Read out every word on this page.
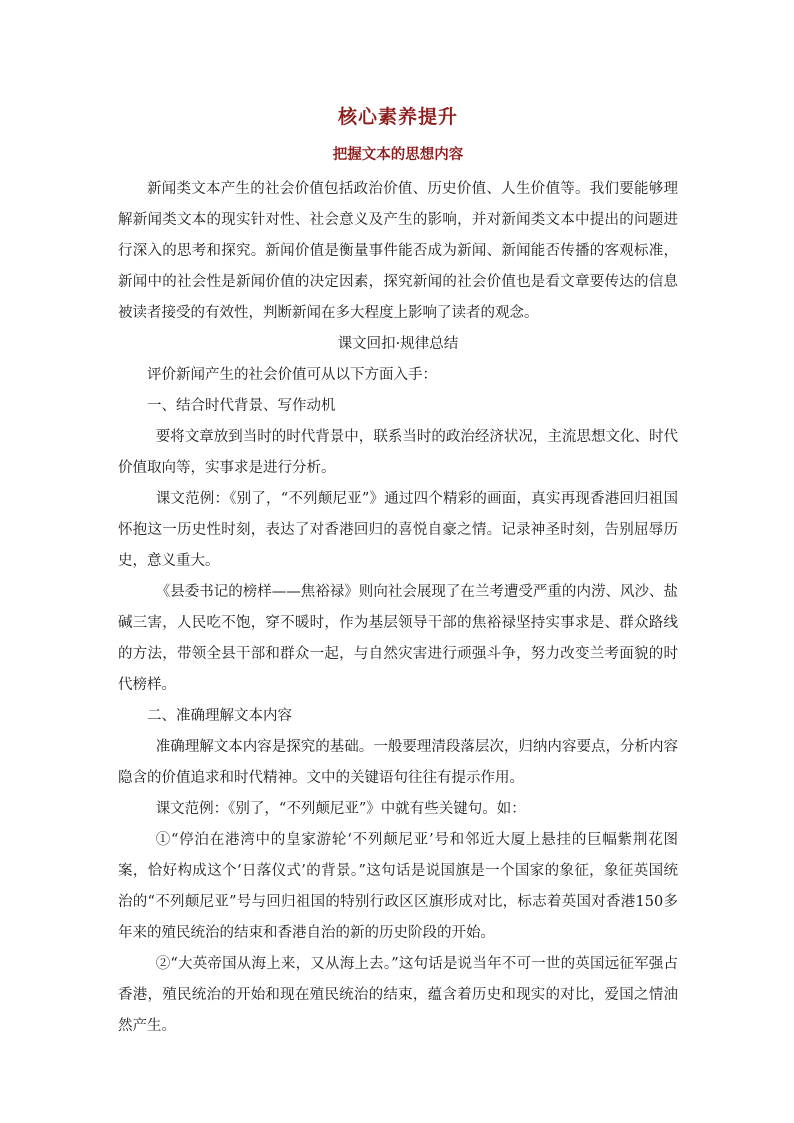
核心素养提升
把握文本的思想内容

新闻类文本产生的社会价值包括政治价值、历史价值、人生价值等。我们要能够理解新闻类文本的现实针对性、社会意义及产生的影响，并对新闻类文本中提出的问题进行深入的思考和探究。新闻价值是衡量事件能否成为新闻、新闻能否传播的客观标准，新闻中的社会性是新闻价值的决定因素，探究新闻的社会价值也是看文章要传达的信息被读者接受的有效性，判断新闻在多大程度上影响了读者的观念。

课文回扣·规律总结

评价新闻产生的社会价值可从以下方面入手：

一、结合时代背景、写作动机

要将文章放到当时的时代背景中，联系当时的政治经济状况，主流思想文化、时代价值取向等，实事求是进行分析。

课文范例：《别了，“不列颠尼亚”》通过四个精彩的画面，真实再现香港回归祖国怀抱这一历史性时刻，表达了对香港回归的喜悦自豪之情。记录神圣时刻，告别屈辱历史，意义重大。

《县委书记的榜样——焦裕禄》则向社会展现了在兰考遭受严重的内涝、风沙、盐碱三害，人民吃不饱，穿不暖时，作为基层领导干部的焦裕禄坚持实事求是、群众路线的方法，带领全县干部和群众一起，与自然灾害进行顽强斗争，努力改变兰考面貌的时代榜样。

二、准确理解文本内容

准确理解文本内容是探究的基础。一般要理清段落层次，归纳内容要点，分析内容隐含的价值追求和时代精神。文中的关键语句往往有提示作用。

课文范例：《别了，“不列颠尼亚”》中就有些关键句。如：

①“停泊在港湾中的皇家游轮‘不列颠尼亚’号和邻近大厦上悬挂的巨幅紫荆花图案，恰好构成这个‘日落仪式’的背景。”这句话是说国旗是一个国家的象征，象征英国统治的“不列颠尼亚”号与回归祖国的特别行政区区旗形成对比，标志着英国对香港150多年来的殖民统治的结束和香港自治的新的历史阶段的开始。

②“大英帝国从海上来，又从海上去。”这句话是说当年不可一世的英国远征军强占香港，殖民统治的开始和现在殖民统治的结束，蕴含着历史和现实的对比，爱国之情油然产生。
